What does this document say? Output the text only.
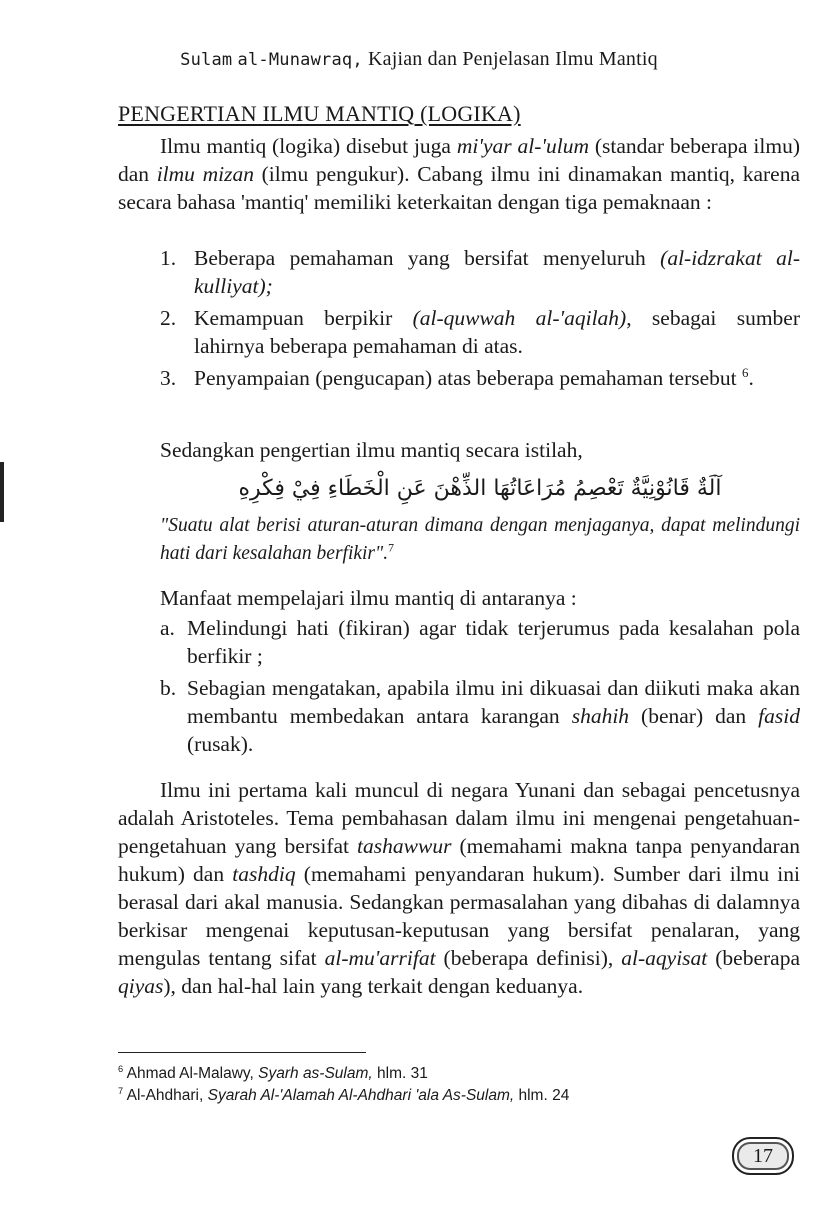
Sulam al-Munawraq, Kajian dan Penjelasan Ilmu Mantiq
PENGERTIAN ILMU MANTIQ (LOGIKA)
Ilmu mantiq (logika) disebut juga mi'yar al-'ulum (standar beberapa ilmu) dan ilmu mizan (ilmu pengukur). Cabang ilmu ini dinamakan mantiq, karena secara bahasa 'mantiq' memiliki keterkaitan dengan tiga pemaknaan :
1. Beberapa pemahaman yang bersifat menyeluruh (al-idzrakat al-kulliyat);
2. Kemampuan berpikir (al-quwwah al-'aqilah), sebagai sumber lahirnya beberapa pemahaman di atas.
3. Penyampaian (pengucapan) atas beberapa pemahaman tersebut $^6$.
Sedangkan pengertian ilmu mantiq secara istilah,
آلَةٌ قَانُوْنِيَّةٌ تَعْصِمُ مُرَاعَاتُهَا الذِّهْنَ عَنِ الْخَطَاءِ فِيْ فِكْرِهِ
"Suatu alat berisi aturan-aturan dimana dengan menjaganya, dapat melindungi hati dari kesalahan berfikir".$^7$
Manfaat mempelajari ilmu mantiq di antaranya :
a. Melindungi hati (fikiran) agar tidak terjerumus pada kesalahan pola berfikir ;
b. Sebagian mengatakan, apabila ilmu ini dikuasai dan diikuti maka akan membantu membedakan antara karangan shahih (benar) dan fasid (rusak).
Ilmu ini pertama kali muncul di negara Yunani dan sebagai pencetusnya adalah Aristoteles. Tema pembahasan dalam ilmu ini mengenai pengetahuan-pengetahuan yang bersifat tashawwur (memahami makna tanpa penyandaran hukum) dan tashdiq (memahami penyandaran hukum). Sumber dari ilmu ini berasal dari akal manusia. Sedangkan permasalahan yang dibahas di dalamnya berkisar mengenai keputusan-keputusan yang bersifat penalaran, yang mengulas tentang sifat al-mu'arrifat (beberapa definisi), al-aqyisat (beberapa qiyas), dan hal-hal lain yang terkait dengan keduanya.
$^6$ Ahmad Al-Malawy, Syarh as-Sulam, hlm. 31
$^7$ Al-Ahdhari, Syarah Al-'Alamah Al-Ahdhari 'ala As-Sulam, hlm. 24
17
